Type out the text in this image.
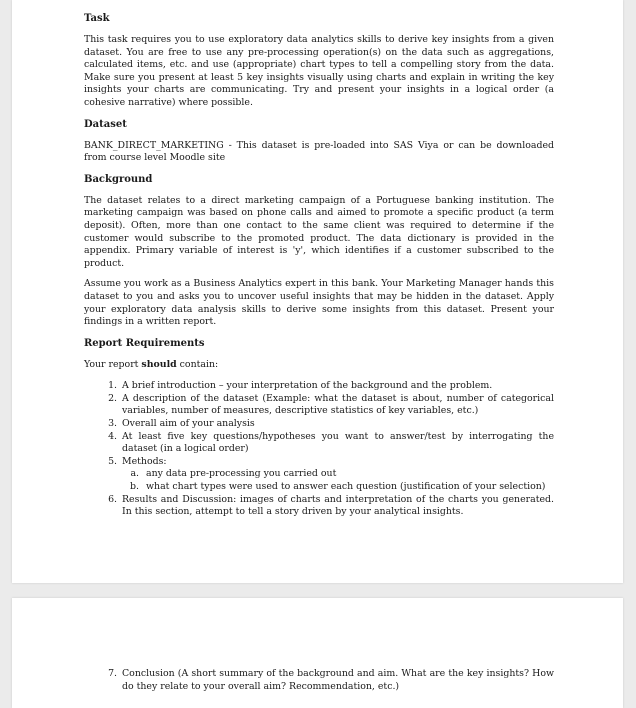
Task

This task requires you to use exploratory data analytics skills to derive key insights from a given dataset. You are free to use any pre-processing operation(s) on the data such as aggregations, calculated items, etc. and use (appropriate) chart types to tell a compelling story from the data. Make sure you present at least 5 key insights visually using charts and explain in writing the key insights your charts are communicating. Try and present your insights in a logical order (a cohesive narrative) where possible.

Dataset

BANK_DIRECT_MARKETING - This dataset is pre-loaded into SAS Viya or can be downloaded from course level Moodle site

Background

The dataset relates to a direct marketing campaign of a Portuguese banking institution. The marketing campaign was based on phone calls and aimed to promote a specific product (a term deposit). Often, more than one contact to the same client was required to determine if the customer would subscribe to the promoted product. The data dictionary is provided in the appendix. Primary variable of interest is 'y', which identifies if a customer subscribed to the product.

Assume you work as a Business Analytics expert in this bank. Your Marketing Manager hands this dataset to you and asks you to uncover useful insights that may be hidden in the dataset. Apply your exploratory data analysis skills to derive some insights from this dataset. Present your findings in a written report.

Report Requirements

Your report should contain:

1. A brief introduction – your interpretation of the background and the problem.
2. A description of the dataset (Example: what the dataset is about, number of categorical variables, number of measures, descriptive statistics of key variables, etc.)
3. Overall aim of your analysis
4. At least five key questions/hypotheses you want to answer/test by interrogating the dataset (in a logical order)
5. Methods:
a. any data pre-processing you carried out
b. what chart types were used to answer each question (justification of your selection)
6. Results and Discussion: images of charts and interpretation of the charts you generated. In this section, attempt to tell a story driven by your analytical insights.
7. Conclusion (A short summary of the background and aim. What are the key insights? How do they relate to your overall aim? Recommendation, etc.)
